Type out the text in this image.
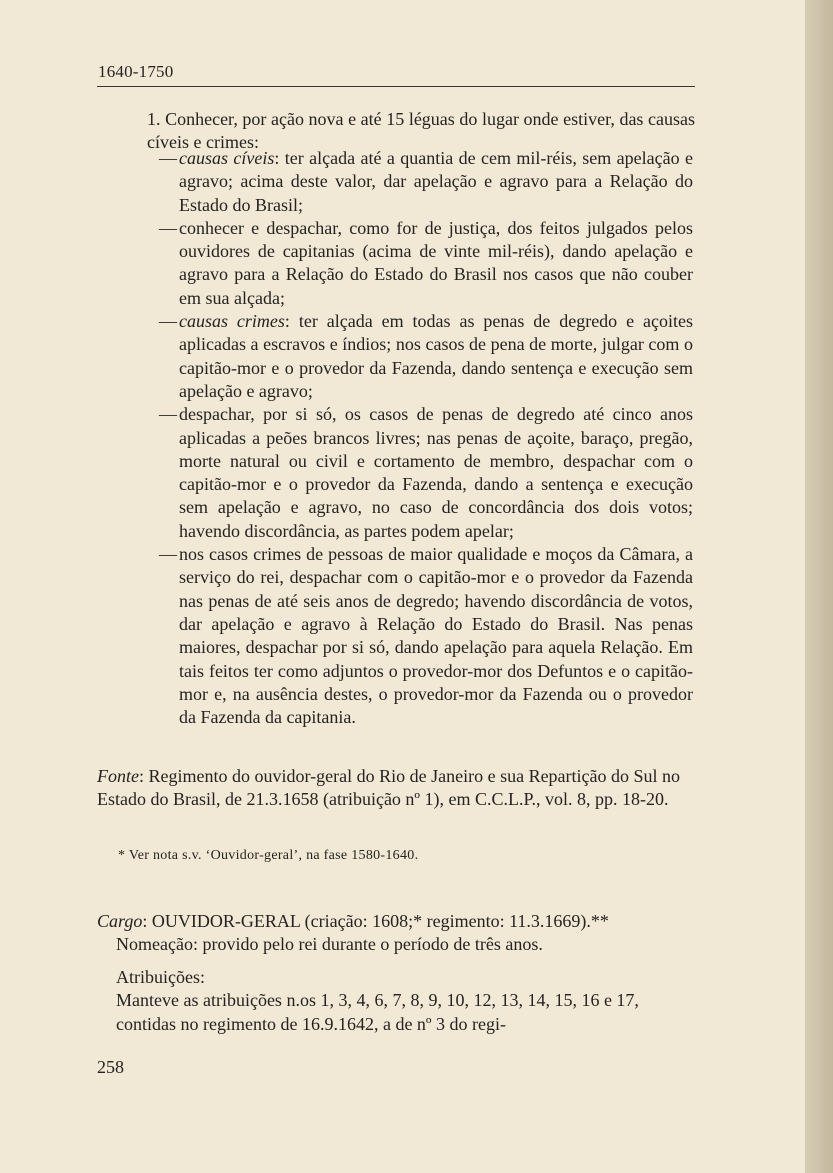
1640-1750
1. Conhecer, por ação nova e até 15 léguas do lugar onde estiver, das causas cíveis e crimes:
— causas cíveis: ter alçada até a quantia de cem mil-réis, sem apelação e agravo; acima deste valor, dar apelação e agravo para a Relação do Estado do Brasil;
— conhecer e despachar, como for de justiça, dos feitos julgados pelos ouvidores de capitanias (acima de vinte mil-réis), dando apelação e agravo para a Relação do Estado do Brasil nos casos que não couber em sua alçada;
— causas crimes: ter alçada em todas as penas de degredo e açoites aplicadas a escravos e índios; nos casos de pena de morte, julgar com o capitão-mor e o provedor da Fazenda, dando sentença e execução sem apelação e agravo;
— despachar, por si só, os casos de penas de degredo até cinco anos aplicadas a peões brancos livres; nas penas de açoite, baraço, pregão, morte natural ou civil e cortamento de membro, despachar com o capitão-mor e o provedor da Fazenda, dando a sentença e execução sem apelação e agravo, no caso de concordância dos dois votos; havendo discordância, as partes podem apelar;
— nos casos crimes de pessoas de maior qualidade e moços da Câmara, a serviço do rei, despachar com o capitão-mor e o provedor da Fazenda nas penas de até seis anos de degredo; havendo discordância de votos, dar apelação e agravo à Relação do Estado do Brasil. Nas penas maiores, despachar por si só, dando apelação para aquela Relação. Em tais feitos ter como adjuntos o provedor-mor dos Defuntos e o capitão-mor e, na ausência destes, o provedor-mor da Fazenda ou o provedor da Fazenda da capitania.
Fonte: Regimento do ouvidor-geral do Rio de Janeiro e sua Repartição do Sul no Estado do Brasil, de 21.3.1658 (atribuição nº 1), em C.C.L.P., vol. 8, pp. 18-20.
* Ver nota s.v. ‘Ouvidor-geral’, na fase 1580-1640.
Cargo: OUVIDOR-GERAL (criação: 1608;* regimento: 11.3.1669).**
Nomeação: provido pelo rei durante o período de três anos.
Atribuições:
Manteve as atribuições n.os 1, 3, 4, 6, 7, 8, 9, 10, 12, 13, 14, 15, 16 e 17, contidas no regimento de 16.9.1642, a de nº 3 do regi-
258
